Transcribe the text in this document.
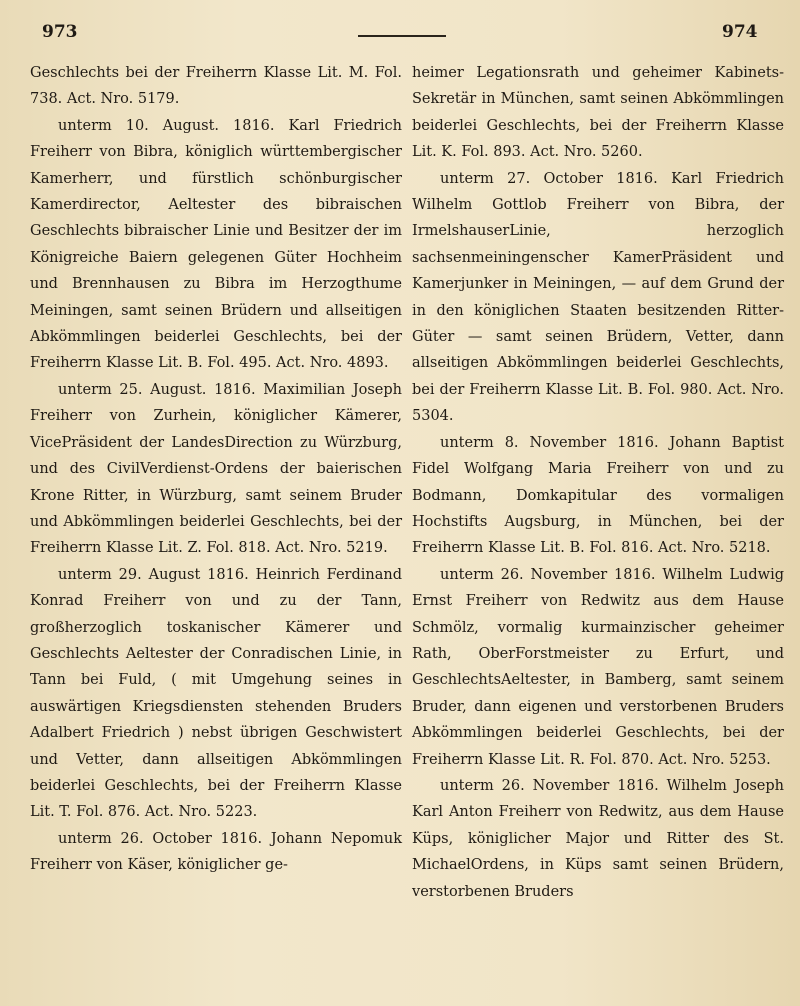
973	974

Geschlechts bei der Freiherrn Klasse Lit. M. Fol. 738. Act. Nro. 5179.

unterm 10. August. 1816. Karl Friedrich Freiherr von Bibra, königlich württembergischer Kamerherr, und fürstlich schönburgischer Kamerdirector, Aeltester des bibraischen Geschlechts bibraischer Linie und Besitzer der im Königreiche Baiern gelegenen Güter Hochheim und Brennhausen zu Bibra im Herzogthume Meiningen, samt seinen Brüdern und allseitigen Abkömmlingen beiderlei Geschlechts, bei der Freiherrn Klasse Lit. B. Fol. 495. Act. Nro. 4893.

unterm 25. August. 1816. Maximilian Joseph Freiherr von Zurhein, königlicher Kämerer, VicePräsident der LandesDirection zu Würzburg, und des CivilVerdienst-Ordens der baierischen Krone Ritter, in Würzburg, samt seinem Bruder und Abkömmlingen beiderlei Geschlechts, bei der Freiherrn Klasse Lit. Z. Fol. 818. Act. Nro. 5219.

unterm 29. August 1816. Heinrich Ferdinand Konrad Freiherr von und zu der Tann, großherzoglich toskanischer Kämerer und Geschlechts Aeltester der Conradischen Linie, in Tann bei Fuld, ( mit Umgehung seines in auswärtigen Kriegsdiensten stehenden Bruders Adalbert Friedrich ) nebst übrigen Geschwistert und Vetter, dann allseitigen Abkömmlingen beiderlei Geschlechts, bei der Freiherrn Klasse Lit. T. Fol. 876. Act. Nro. 5223.

unterm 26. October 1816. Johann Nepomuk Freiherr von Käser, königlicher ge-

heimer Legationsrath und geheimer Kabinets-Sekretär in München, samt seinen Abkömmlingen beiderlei Geschlechts, bei der Freiherrn Klasse Lit. K. Fol. 893. Act. Nro. 5260.

unterm 27. October 1816. Karl Friedrich Wilhelm Gottlob Freiherr von Bibra, der IrmelshauserLinie, herzoglich sachsenmeiningenscher KamerPräsident und Kamerjunker in Meiningen, — auf dem Grund der in den königlichen Staaten besitzenden Ritter-Güter — samt seinen Brüdern, Vetter, dann allseitigen Abkömmlingen beiderlei Geschlechts, bei der Freiherrn Klasse Lit. B. Fol. 980. Act. Nro. 5304.

unterm 8. November 1816. Johann Baptist Fidel Wolfgang Maria Freiherr von und zu Bodmann, Domkapitular des vormaligen Hochstifts Augsburg, in München, bei der Freiherrn Klasse Lit. B. Fol. 816. Act. Nro. 5218.

unterm 26. November 1816. Wilhelm Ludwig Ernst Freiherr von Redwitz aus dem Hause Schmölz, vormalig kurmainzischer geheimer Rath, OberForstmeister zu Erfurt, und GeschlechtsAeltester, in Bamberg, samt seinem Bruder, dann eigenen und verstorbenen Bruders Abkömmlingen beiderlei Geschlechts, bei der Freiherrn Klasse Lit. R. Fol. 870. Act. Nro. 5253.

unterm 26. November 1816. Wilhelm Joseph Karl Anton Freiherr von Redwitz, aus dem Hause Küps, königlicher Major und Ritter des St. MichaelOrdens, in Küps samt seinen Brüdern, verstorbenen Bruders
